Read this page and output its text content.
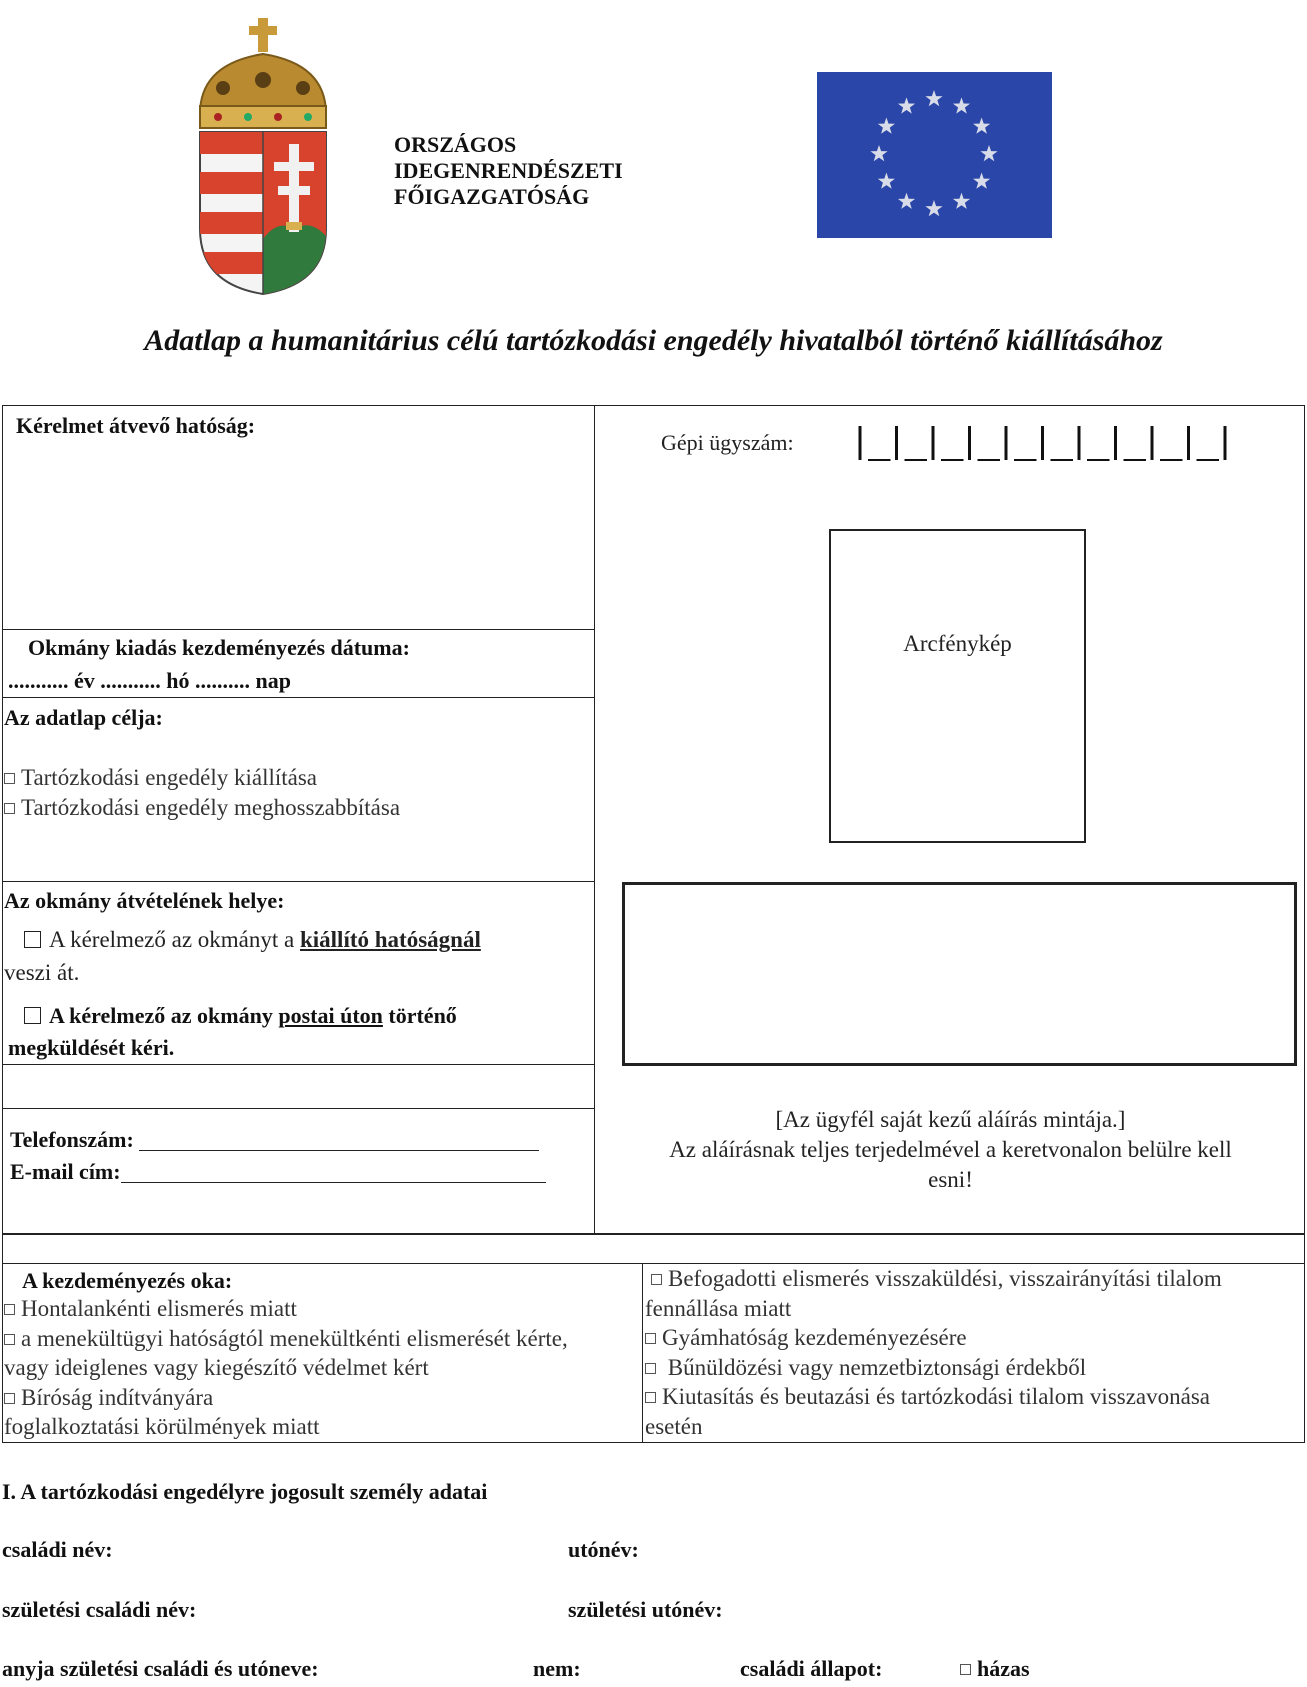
ORSZÁGOS
IDEGENRENDÉSZETI
FŐIGAZGATÓSÁG
Adatlap a humanitárius célú tartózkodási engedély hivatalból történő kiállításához
Kérelmet átvevő hatóság:
Okmány kiadás kezdeményezés dátuma:
........... év ........... hó .......... nap
Az adatlap célja:
Tartózkodási engedély kiállítása
Tartózkodási engedély meghosszabbítása
Az okmány átvételének helye:
A kérelmező az okmányt a kiállító hatóságnál
veszi át.
A kérelmező az okmány postai úton történő
megküldését kéri.
Telefonszám:
E-mail cím:
Gépi ügyszám:
Arcfénykép
[Az ügyfél saját kezű aláírás mintája.]
Az aláírásnak teljes terjedelmével a keretvonalon belülre kell
esni!
A kezdeményezés oka:
Hontalankénti elismerés miatt
a menekültügyi hatóságtól menekültkénti elismerését kérte,
vagy ideiglenes vagy kiegészítő védelmet kért
Bíróság indítványára
foglalkoztatási körülmények miatt
Befogadotti elismerés visszaküldési, visszairányítási tilalom
fennállása miatt
Gyámhatóság kezdeményezésére
Bűnüldözési vagy nemzetbiztonsági érdekből
Kiutasítás és beutazási és tartózkodási tilalom visszavonása
esetén
I. A tartózkodási engedélyre jogosult személy adatai
családi név:	utónév:
születési családi név:	születési utónév:
anyja születési családi és utóneve:	nem:	családi állapot:	házas
